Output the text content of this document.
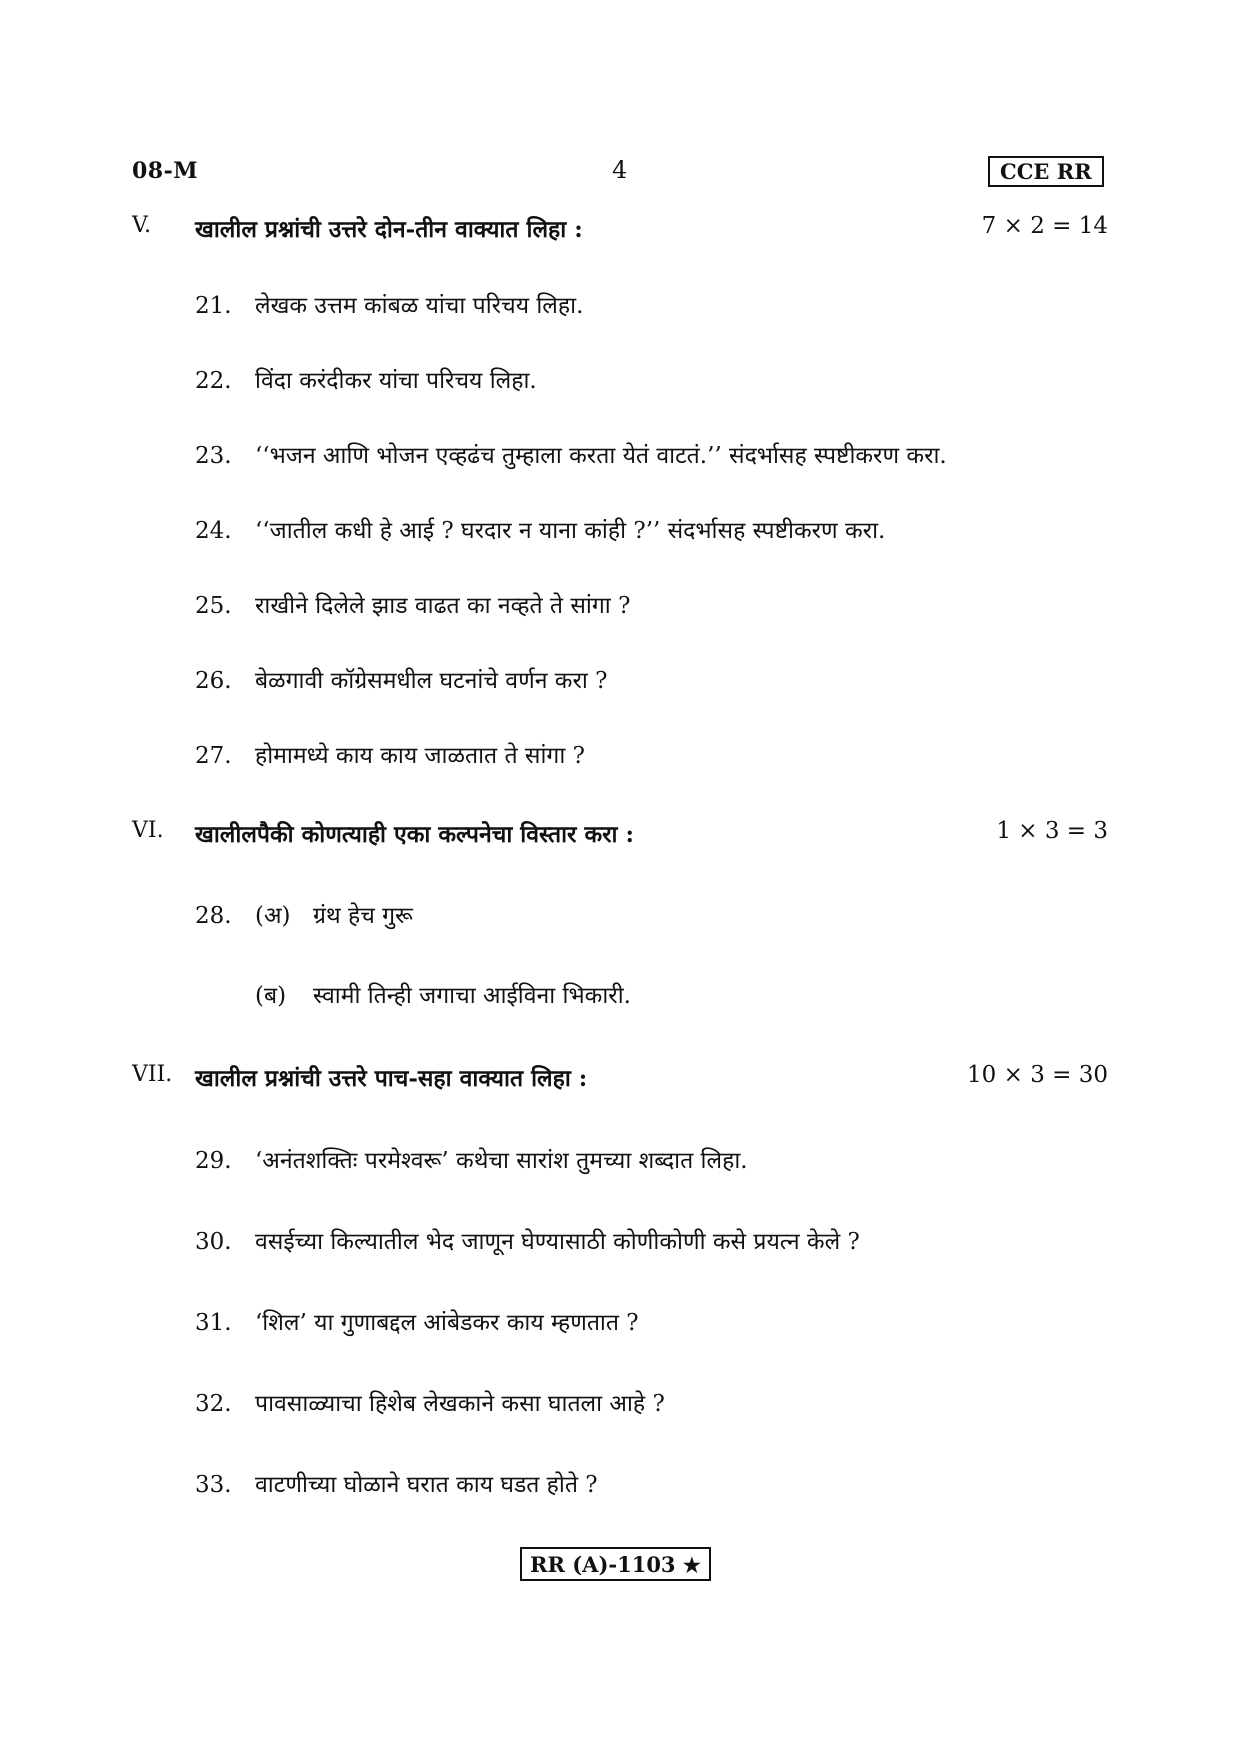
08-M	4	CCE RR
V. खालील प्रश्नांची उत्तरे दोन-तीन वाक्यात लिहा :	7 × 2 = 14
21. लेखक उत्तम कांबळ यांचा परिचय लिहा.
22. विंदा करंदीकर यांचा परिचय लिहा.
23. ‘‘भजन आणि भोजन एव्हढंच तुम्हाला करता येतं वाटतं.’’ संदर्भासह स्पष्टीकरण करा.
24. ‘‘जातील कधी हे आई ? घरदार न याना कांही ?’’ संदर्भासह स्पष्टीकरण करा.
25. राखीने दिलेले झाड वाढत का नव्हते ते सांगा ?
26. बेळगावी कॉग्रेसमधील घटनांचे वर्णन करा ?
27. होमामध्ये काय काय जाळतात ते सांगा ?
VI. खालीलपैकी कोणत्याही एका कल्पनेचा विस्तार करा :	1 × 3 = 3
28. (अ) ग्रंथ हेच गुरू
(ब) स्वामी तिन्ही जगाचा आईविना भिकारी.
VII. खालील प्रश्नांची उत्तरे पाच-सहा वाक्यात लिहा :	10 × 3 = 30
29. ‘अनंतशक्तिः परमेश्वरू’ कथेचा सारांश तुमच्या शब्दात लिहा.
30. वसईच्या किल्यातील भेद जाणून घेण्यासाठी कोणीकोणी कसे प्रयत्न केले ?
31. ‘शिल’ या गुणाबद्दल आंबेडकर काय म्हणतात ?
32. पावसाळ्याचा हिशेब लेखकाने कसा घातला आहे ?
33. वाटणीच्या घोळाने घरात काय घडत होते ?
RR (A)-1103 ★
